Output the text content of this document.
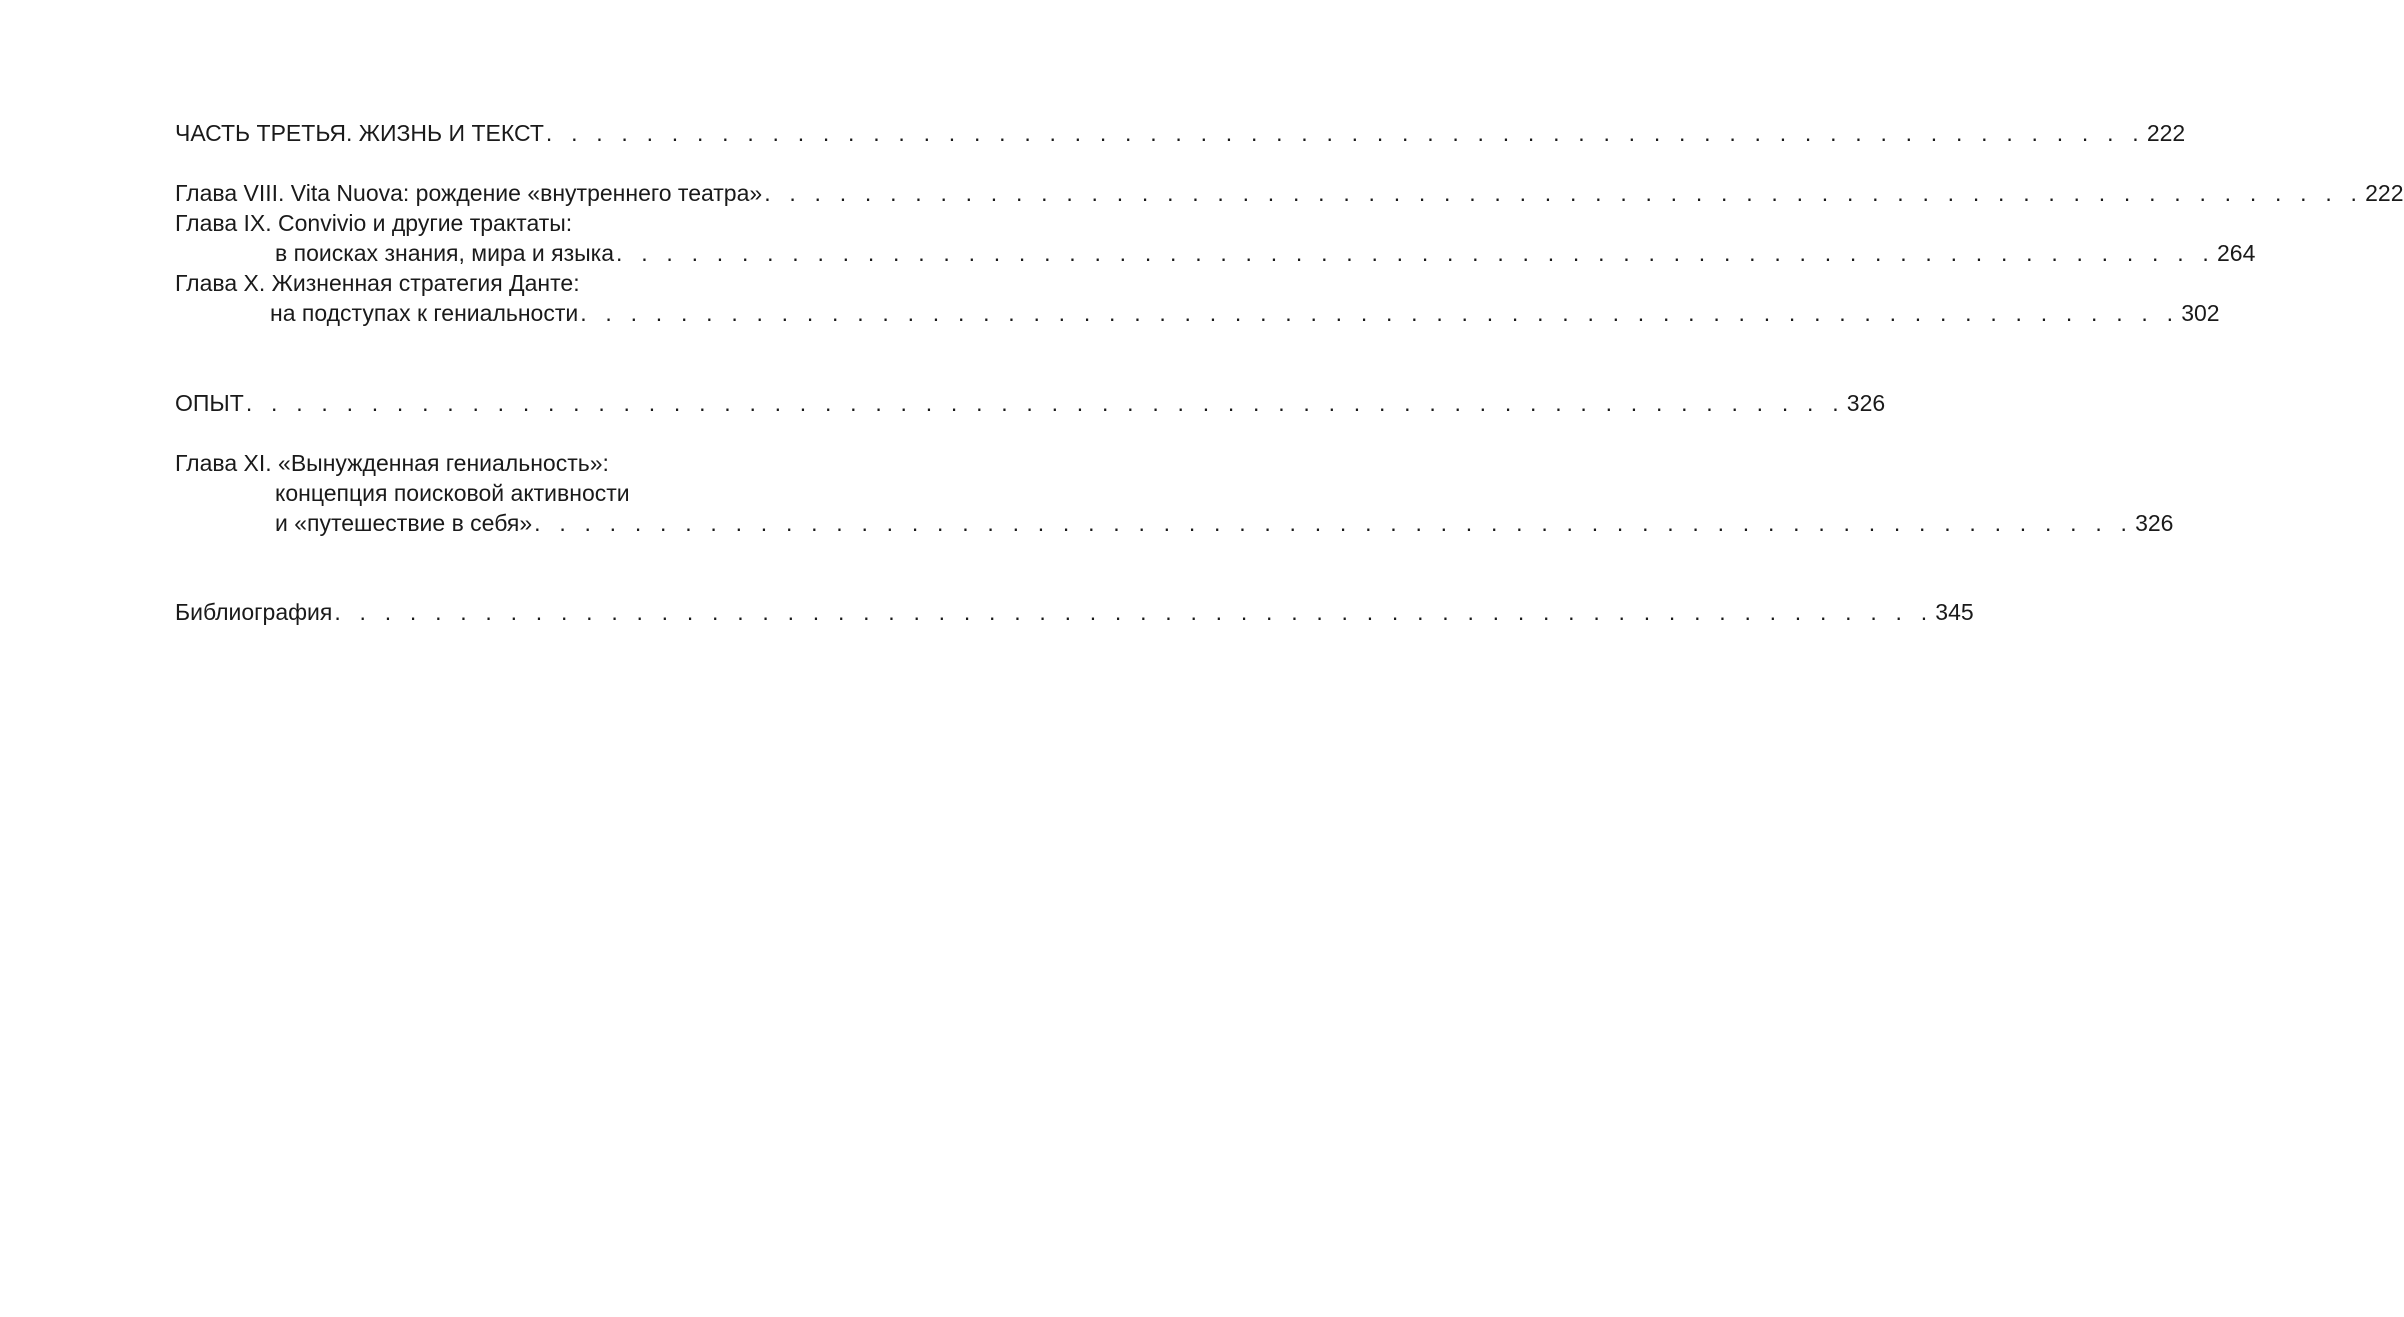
ЧАСТЬ ТРЕТЬЯ. ЖИЗНЬ И ТЕКСТ . . . . . . . . . . . . . . . . . . . . . . . . . . . . . . . . . . . . . . . . . . . . . . . . . . . . . . . . . . . . . . . . 222
Глава VIII. Vita Nuova: рождение «внутреннего театра» . . . . . . . . . . . . . . . . . . . . . . . . . . . . . . . . . . . . . . . . . . . . . . . . . . . . . . . . . . . . . . . . 222
Глава IX. Convivio и другие трактаты:
в поисках знания, мира и языка . . . . . . . . . . . . . . . . . . . . . . . . . . . . . . . . . . . . . . . . . . . . . . . . . . . . . . . . . . . . . . . . 264
Глава X. Жизненная стратегия Данте:
на подступах к гениальности . . . . . . . . . . . . . . . . . . . . . . . . . . . . . . . . . . . . . . . . . . . . . . . . . . . . . . . . . . . . . . . . 302
ОПЫТ . . . . . . . . . . . . . . . . . . . . . . . . . . . . . . . . . . . . . . . . . . . . . . . . . . . . . . . . . . . . . . . . 326
Глава XI. «Вынужденная гениальность»:
концепция поисковой активности
и «путешествие в себя» . . . . . . . . . . . . . . . . . . . . . . . . . . . . . . . . . . . . . . . . . . . . . . . . . . . . . . . . . . . . . . . . 326
Библиография . . . . . . . . . . . . . . . . . . . . . . . . . . . . . . . . . . . . . . . . . . . . . . . . . . . . . . . . . . . . . . . . 345
